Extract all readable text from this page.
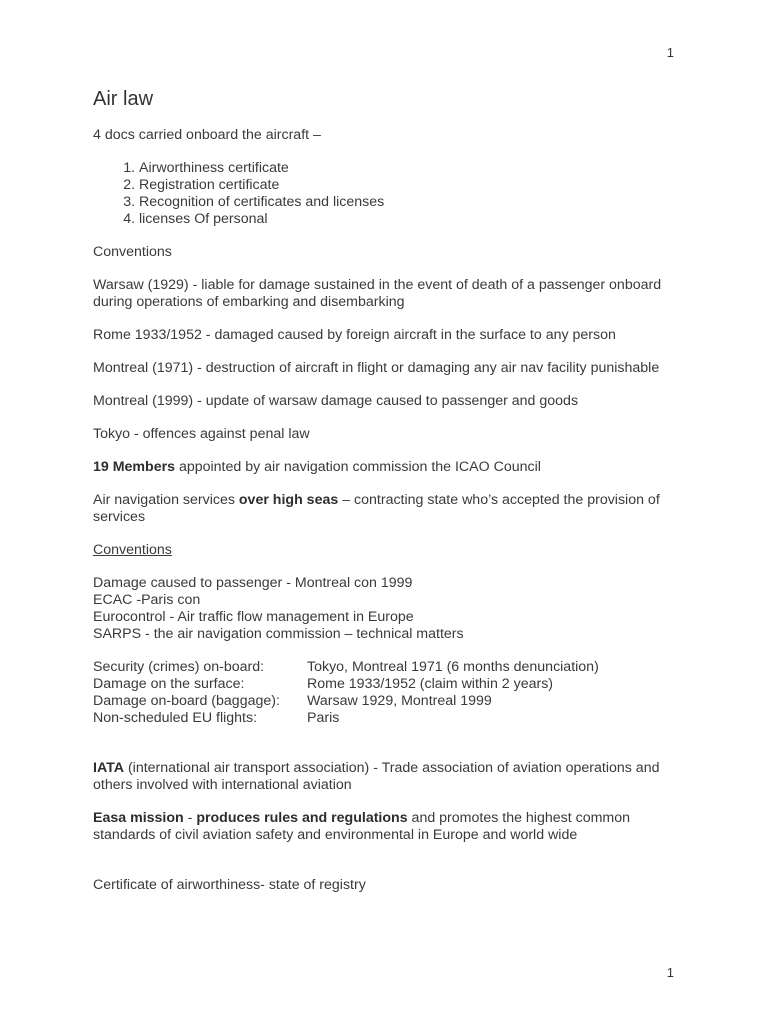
1
Air law

4 docs carried onboard the aircraft –

1. Airworthiness certificate
2. Registration certificate
3. Recognition of certificates and licenses
4. licenses Of personal

Conventions

Warsaw (1929) - liable for damage sustained in the event of death of a passenger onboard during operations of embarking and disembarking

Rome 1933/1952 - damaged caused by foreign aircraft in the surface to any person

Montreal (1971) - destruction of aircraft in flight or damaging any air nav facility punishable

Montreal (1999) - update of warsaw damage caused to passenger and goods

Tokyo - offences against penal law

19 Members appointed by air navigation commission the ICAO Council

Air navigation services over high seas – contracting state who’s accepted the provision of services

Conventions

Damage caused to passenger - Montreal con 1999

ECAC -Paris con

Eurocontrol - Air traffic flow management in Europe

SARPS - the air navigation commission – technical matters

Security (crimes) on-board:	Tokyo, Montreal 1971 (6 months denunciation)
Damage on the surface:	Rome 1933/1952 (claim within 2 years)
Damage on-board (baggage):	Warsaw 1929, Montreal 1999
Non-scheduled EU flights:	Paris

IATA (international air transport association) - Trade association of aviation operations and others involved with international aviation

Easa mission - produces rules and regulations and promotes the highest common standards of civil aviation safety and environmental in Europe and world wide

Certificate of airworthiness- state of registry

1
